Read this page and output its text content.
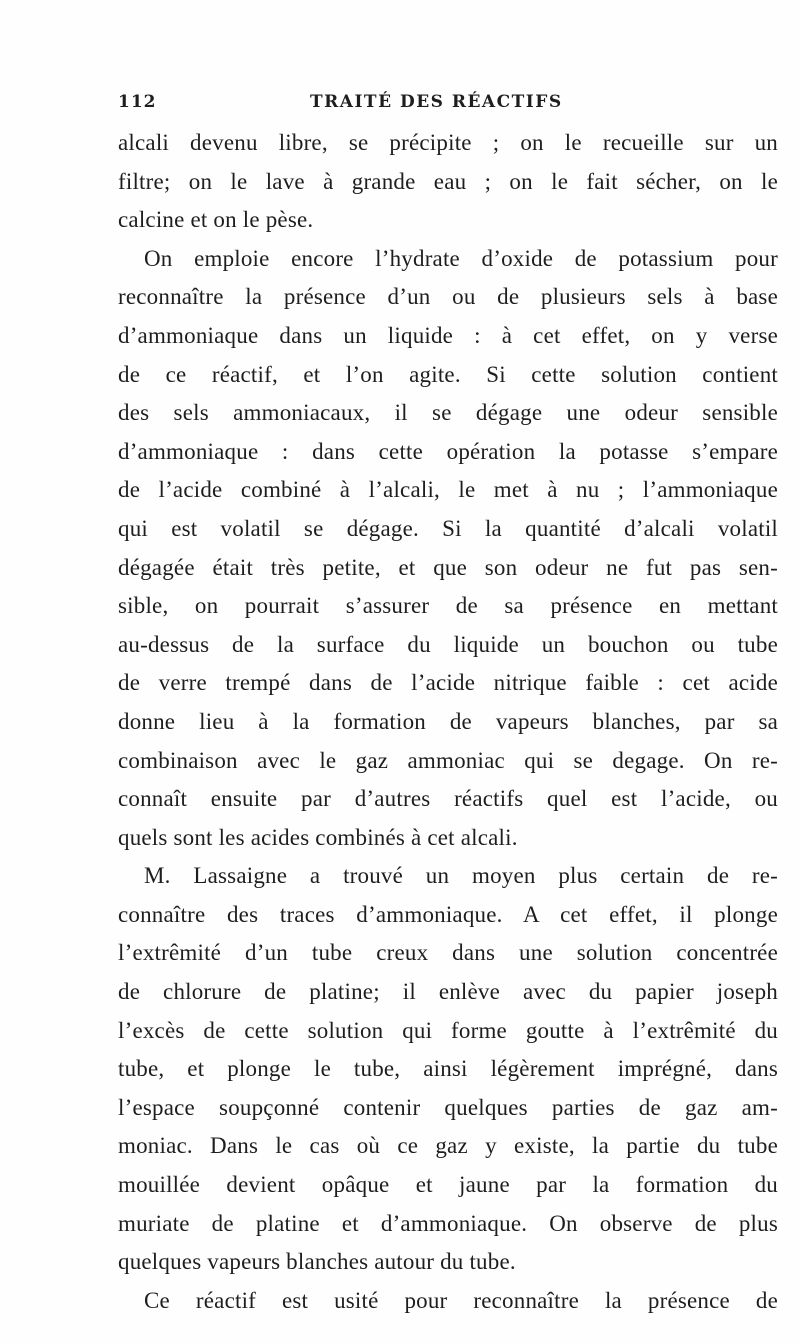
112	TRAITÉ DES RÉACTIFS
alcali devenu libre, se précipite ; on le recueille sur un
filtre; on le lave à grande eau ; on le fait sécher, on le
calcine et on le pèse.
On emploie encore l’hydrate d’oxide de potassium pour
reconnaître la présence d’un ou de plusieurs sels à base
d’ammoniaque dans un liquide : à cet effet, on y verse
de ce réactif, et l’on agite. Si cette solution contient
des sels ammoniacaux, il se dégage une odeur sensible
d’ammoniaque : dans cette opération la potasse s’empare
de l’acide combiné à l’alcali, le met à nu ; l’ammoniaque
qui est volatil se dégage. Si la quantité d’alcali volatil
dégagée était très petite, et que son odeur ne fut pas sen-
sible, on pourrait s’assurer de sa présence en mettant
au-dessus de la surface du liquide un bouchon ou tube
de verre trempé dans de l’acide nitrique faible : cet acide
donne lieu à la formation de vapeurs blanches, par sa
combinaison avec le gaz ammoniac qui se degage. On re-
connaît ensuite par d’autres réactifs quel est l’acide, ou
quels sont les acides combinés à cet alcali.
M. Lassaigne a trouvé un moyen plus certain de re-
connaître des traces d’ammoniaque. A cet effet, il plonge
l’extrêmité d’un tube creux dans une solution concentrée
de chlorure de platine; il enlève avec du papier joseph
l’excès de cette solution qui forme goutte à l’extrêmité du
tube, et plonge le tube, ainsi légèrement imprégné, dans
l’espace soupçonné contenir quelques parties de gaz am-
moniac. Dans le cas où ce gaz y existe, la partie du tube
mouillée devient opâque et jaune par la formation du
muriate de platine et d’ammoniaque. On observe de plus
quelques vapeurs blanches autour du tube.
Ce réactif est usité pour reconnaître la présence de
